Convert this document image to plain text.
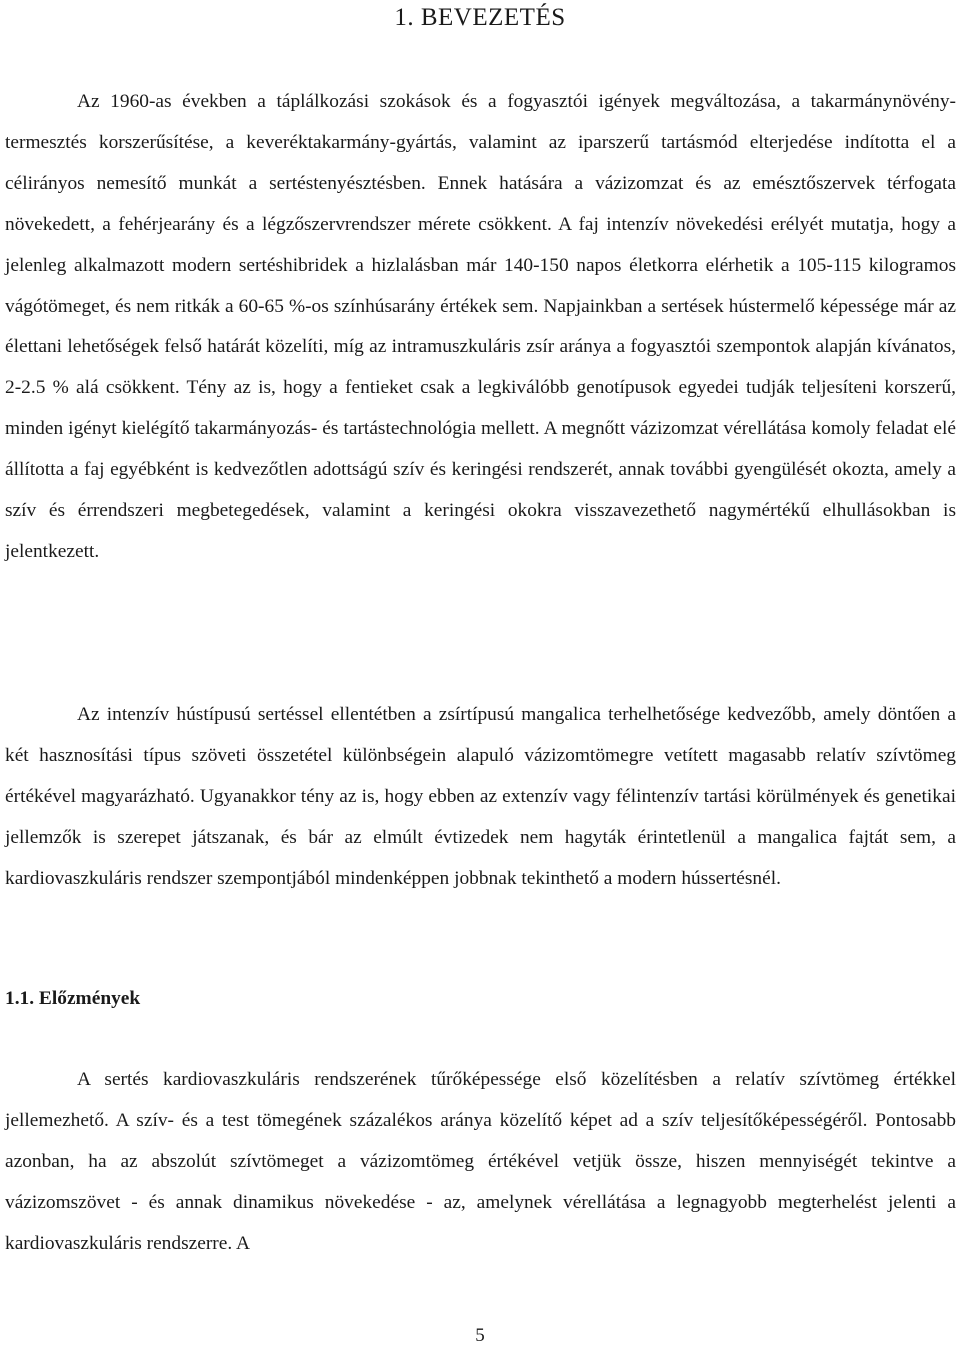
1. BEVEZETÉS

Az 1960-as években a táplálkozási szokások és a fogyasztói igények megváltozása, a takarmánynövény-termesztés korszerűsítése, a keveréktakarmány-gyártás, valamint az iparszerű tartásmód elterjedése indította el a célirányos nemesítő munkát a sertéstenyésztésben. Ennek hatására a vázizomzat és az emésztőszervek térfogata növekedett, a fehérjearány és a légzőszervrendszer mérete csökkent. A faj intenzív növekedési erélyét mutatja, hogy a jelenleg alkalmazott modern sertéshibridek a hizlalásban már 140-150 napos életkorra elérhetik a 105-115 kilogramos vágótömeget, és nem ritkák a 60-65 %-os színhúsarány értékek sem. Napjainkban a sertések hústermelő képessége már az élettani lehetőségek felső határát közelíti, míg az intramuszkuláris zsír aránya a fogyasztói szempontok alapján kívánatos, 2-2.5 % alá csökkent. Tény az is, hogy a fentieket csak a legkiválóbb genotípusok egyedei tudják teljesíteni korszerű, minden igényt kielégítő takarmányozás- és tartástechnológia mellett. A megnőtt vázizomzat vérellátása komoly feladat elé állította a faj egyébként is kedvezőtlen adottságú szív és keringési rendszerét, annak további gyengülését okozta, amely a szív és érrendszeri megbetegedések, valamint a keringési okokra visszavezethető nagymértékű elhullásokban is jelentkezett.

Az intenzív hústípusú sertéssel ellentétben a zsírtípusú mangalica terhelhetősége kedvezőbb, amely döntően a két hasznosítási típus szöveti összetétel különbségein alapuló vázizomtömegre vetített magasabb relatív szívtömeg értékével magyarázható. Ugyanakkor tény az is, hogy ebben az extenzív vagy félintenzív tartási körülmények és genetikai jellemzők is szerepet játszanak, és bár az elmúlt évtizedek nem hagyták érintetlenül a mangalica fajtát sem, a kardiovaszkuláris rendszer szempontjából mindenképpen jobbnak tekinthető a modern hússertésnél.

1.1. Előzmények

A sertés kardiovaszkuláris rendszerének tűrőképessége első közelítésben a relatív szívtömeg értékkel jellemezhető. A szív- és a test tömegének százalékos aránya közelítő képet ad a szív teljesítőképességéről. Pontosabb azonban, ha az abszolút szívtömeget a vázizomtömeg értékével vetjük össze, hiszen mennyiségét tekintve a vázizomszövet - és annak dinamikus növekedése - az, amelynek vérellátása a legnagyobb megterhelést jelenti a kardiovaszkuláris rendszerre. A

5
